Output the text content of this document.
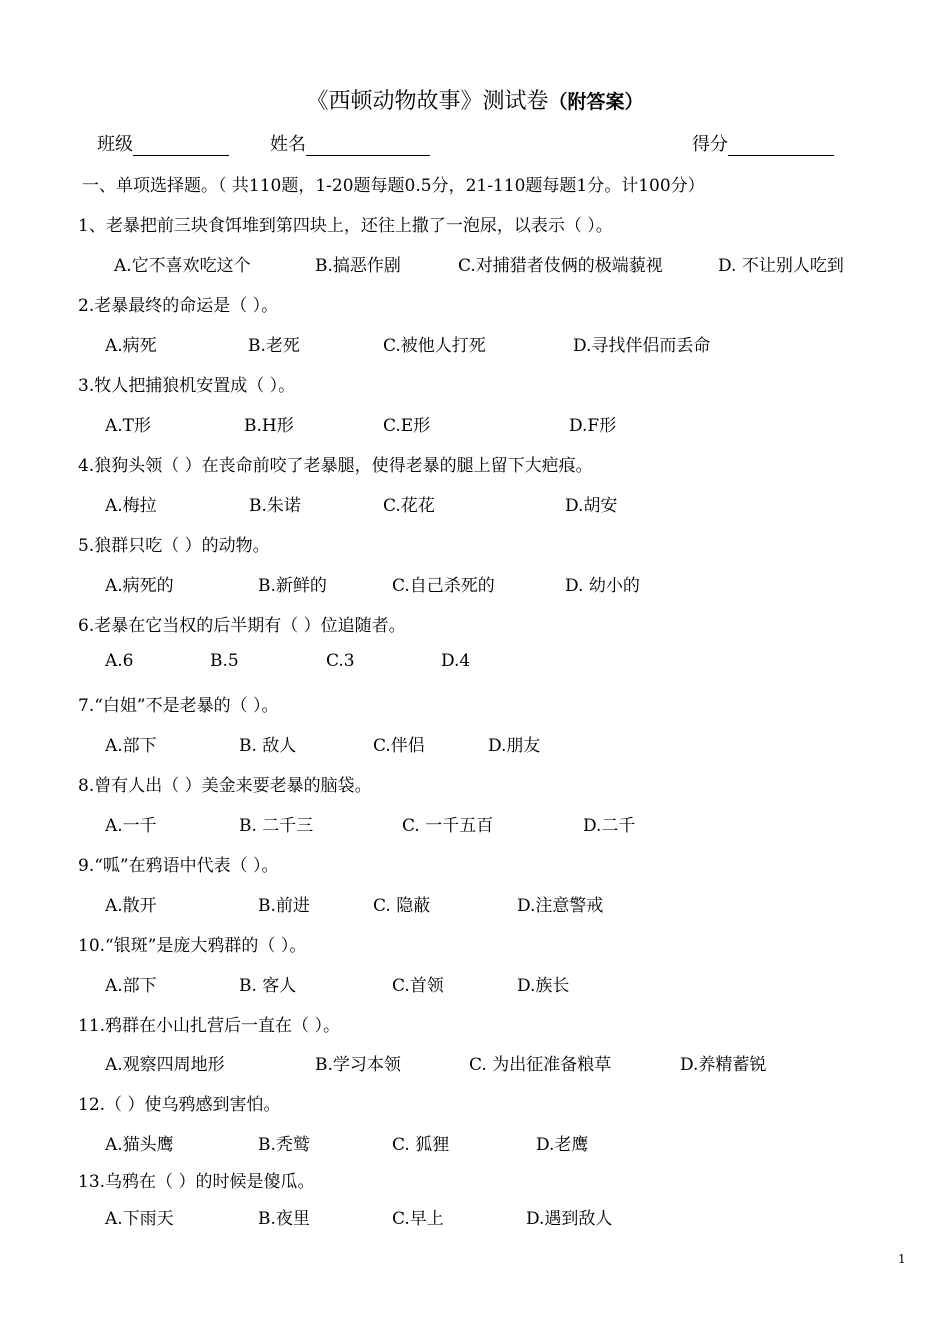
《西顿动物故事》测试卷（附答案）
班级	姓名	得分
一、单项选择题。（ 共110题，1-20题每题0.5分，21-110题每题1分。计100分）
1、老暴把前三块食饵堆到第四块上，还往上撒了一泡尿，以表示（ ）。
A.它不喜欢吃这个	B.搞恶作剧	C.对捕猎者伎俩的极端藐视	D. 不让别人吃到
2.老暴最终的命运是（ ）。
A.病死	B.老死	C.被他人打死	D.寻找伴侣而丢命
3.牧人把捕狼机安置成（ ）。
A.T形	B.H形	C.E形	D.F形
4.狼狗头领（ ）在丧命前咬了老暴腿，使得老暴的腿上留下大疤痕。
A.梅拉	B.朱诺	C.花花	D.胡安
5.狼群只吃（ ）的动物。
A.病死的	B.新鲜的	C.自己杀死的	D. 幼小的
6.老暴在它当权的后半期有（ ）位追随者。
A.6	B.5	C.3	D.4
7.“白姐”不是老暴的（ ）。
A.部下	B. 敌人	C.伴侣	D.朋友
8.曾有人出（ ）美金来要老暴的脑袋。
A.一千	B. 二千三	C. 一千五百	D.二千
9.“呱”在鸦语中代表（ ）。
A.散开	B.前进	C. 隐蔽	D.注意警戒
10.“银斑”是庞大鸦群的（ ）。
A.部下	B. 客人	C.首领	D.族长
11.鸦群在小山扎营后一直在（ ）。
A.观察四周地形	B.学习本领	C. 为出征准备粮草	D.养精蓄锐
12.（ ）使乌鸦感到害怕。
A.猫头鹰	B.秃鹫	C. 狐狸	D.老鹰
13.乌鸦在（ ）的时候是傻瓜。
A.下雨天	B.夜里	C.早上	D.遇到敌人
1
